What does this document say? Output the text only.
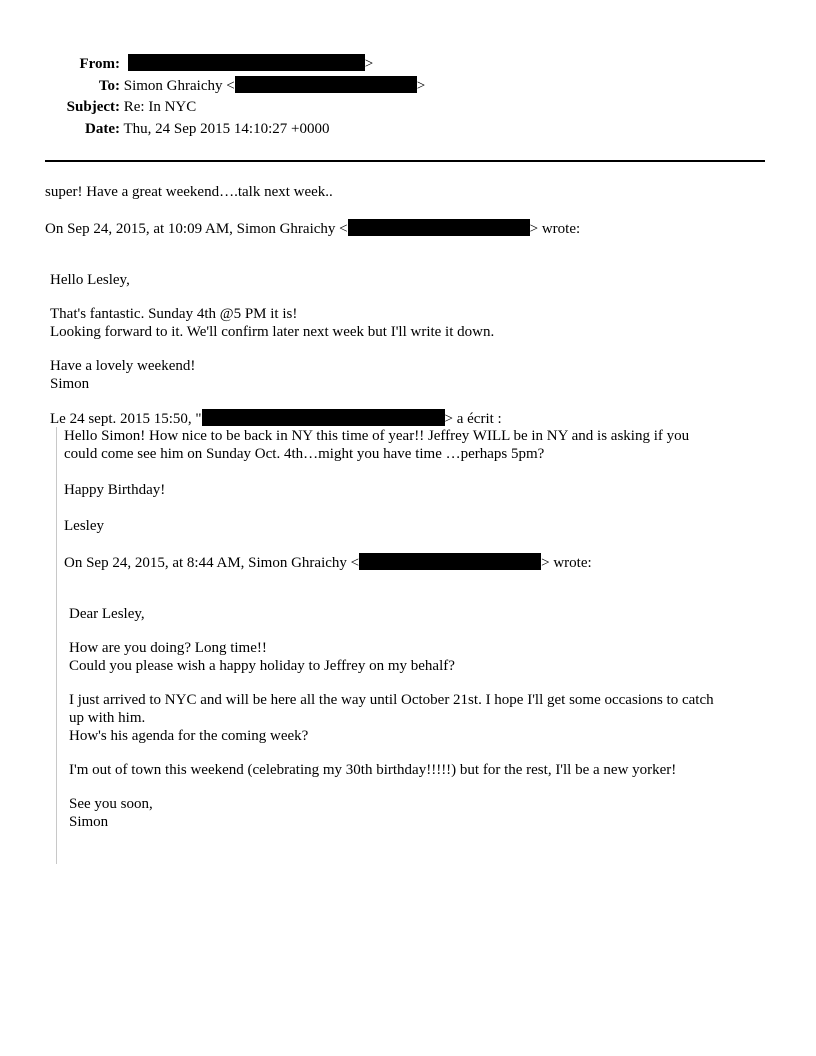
From:	>
To: Simon Ghraichy <	>
Subject: Re: In NYC
Date: Thu, 24 Sep 2015 14:10:27 +0000
super! Have a great weekend….talk next week..
On Sep 24, 2015, at 10:09 AM, Simon Ghraichy <	> wrote:
Hello Lesley,
That's fantastic. Sunday 4th @5 PM it is!
Looking forward to it. We'll confirm later next week but I'll write it down.
Have a lovely weekend!
Simon
Le 24 sept. 2015 15:50, "	> a écrit :
Hello Simon! How nice to be back in NY this time of year!! Jeffrey WILL be in NY and is asking if you
could come see him on Sunday Oct. 4th…might you have time …perhaps 5pm?
Happy Birthday!
Lesley
On Sep 24, 2015, at 8:44 AM, Simon Ghraichy <	> wrote:
Dear Lesley,
How are you doing? Long time!!
Could you please wish a happy holiday to Jeffrey on my behalf?
I just arrived to NYC and will be here all the way until October 21st. I hope I'll get some occasions to catch
up with him.
How's his agenda for the coming week?
I'm out of town this weekend (celebrating my 30th birthday!!!!!) but for the rest, I'll be a new yorker!
See you soon,
Simon
